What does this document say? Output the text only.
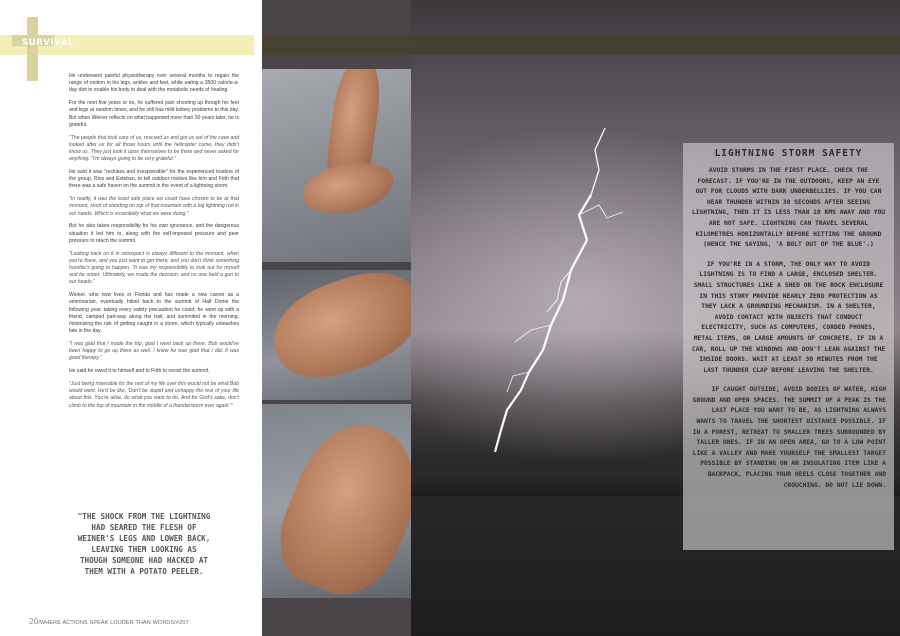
SURVIVAL

He underwent painful physiotherapy over several months to regain the range of motion in his legs, ankles and feet, while eating a 3500 calorie-a-day diet to enable his body to deal with the metabolic needs of healing.

For the next five years or so, he suffered pain shooting up though his feet and legs at random times, and he still has mild kidney problems to this day. But when Weiner reflects on what happened more than 30 years later, he is grateful.

"The people that took care of us, rescued us and got us out of the cave and looked after us for all those hours until the helicopter came, they didn't know us. They just took it upon themselves to be there and never asked for anything. "I'm always going to be very grateful."

He said it was "reckless and irresponsible" for the experienced leaders of the group, Rios and Esteban, to tell outdoor rookies like him and Frith that there was a safe haven on the summit in the event of a lightning storm.

"In reality, it was the least safe place we could have chosen to be at that moment, short of standing on top of that mountain with a big lightning rod in our hands. Which is essentially what we were doing."

But he also takes responsibility for his own ignorance, and the dangerous situation it led him to, along with the self-imposed pressure and peer pressure to reach the summit.

"Looking back on it in retrospect is always different to the moment, when you're there, and you just want to get there, and you don't think something horrible's going to happen. "It was my responsibility to look out for myself and be smart. Ultimately, we made the decision, and no one held a gun to our heads."

Weiner, who now lives in Florida and has made a new career as a veterinarian, eventually hiked back to the summit of Half Dome the following year, taking every safety precaution he could; he went up with a friend, camped part-way along the trail, and summited in the morning, minimizing the risk of getting caught in a storm, which typically unleashes late in the day.

"I was glad that I made the trip, glad I went back up there. Bob would've been happy to go up there as well. I knew he was glad that I did. It was good therapy."

He said he owed it to himself and to Frith to revisit the summit.

"Just being miserable for the rest of my life over this would not be what Bob would want. He'd be like, 'Don't be stupid and unhappy the rest of your life about this. You're alive, do what you want to do. And for God's sake, don't climb to the top of mountain in the middle of a thunderstorm ever again.'"

"THE SHOCK FROM THE LIGHTNING HAD SEARED THE FLESH OF WEINER'S LEGS AND LOWER BACK, LEAVING THEM LOOKING AS THOUGH SOMEONE HAD HACKED AT THEM WITH A POTATO PEELER.
20/WHERE ACTIONS SPEAK LOUDER THAN WORDS/#207
LIGHTNING STORM SAFETY

AVOID STORMS IN THE FIRST PLACE. CHECK THE FORECAST. IF YOU'RE IN THE OUTDOORS, KEEP AN EYE OUT FOR CLOUDS WITH DARK UNDERBELLIES. IF YOU CAN HEAR THUNDER WITHIN 30 SECONDS AFTER SEEING LIGHTNING, THEN IT IS LESS THAN 10 KMS AWAY AND YOU ARE NOT SAFE. LIGHTNING CAN TRAVEL SEVERAL KILOMETRES HORIZONTALLY BEFORE HITTING THE GROUND (HENCE THE SAYING, 'A BOLT OUT OF THE BLUE'.)

IF YOU'RE IN A STORM, THE ONLY WAY TO AVOID LIGHTNING IS TO FIND A LARGE, ENCLOSED SHELTER. SMALL STRUCTURES LIKE A SHED OR THE ROCK ENCLOSURE IN THIS STORY PROVIDE NEARLY ZERO PROTECTION AS THEY LACK A GROUNDING MECHANISM. IN A SHELTER, AVOID CONTACT WITH OBJECTS THAT CONDUCT ELECTRICITY, SUCH AS COMPUTERS, CORDED PHONES, METAL ITEMS, OR LARGE AMOUNTS OF CONCRETE. IF IN A CAR, ROLL UP THE WINDOWS AND DON'T LEAN AGAINST THE INSIDE DOORS. WAIT AT LEAST 30 MINUTES FROM THE LAST THUNDER CLAP BEFORE LEAVING THE SHELTER.

IF CAUGHT OUTSIDE, AVOID BODIES OF WATER, HIGH GROUND AND OPEN SPACES. THE SUMMIT OF A PEAK IS THE LAST PLACE YOU WANT TO BE, AS LIGHTNING ALWAYS WANTS TO TRAVEL THE SHORTEST DISTANCE POSSIBLE. IF IN A FOREST, RETREAT TO SMALLER TREES SURROUNDED BY TALLER ONES. IF IN AN OPEN AREA, GO TO A LOW POINT LIKE A VALLEY AND MAKE YOURSELF THE SMALLEST TARGET POSSIBLE BY STANDING ON AN INSULATING ITEM LIKE A BACKPACK, PLACING YOUR HEELS CLOSE TOGETHER AND CROUCHING. DO NOT LIE DOWN.
